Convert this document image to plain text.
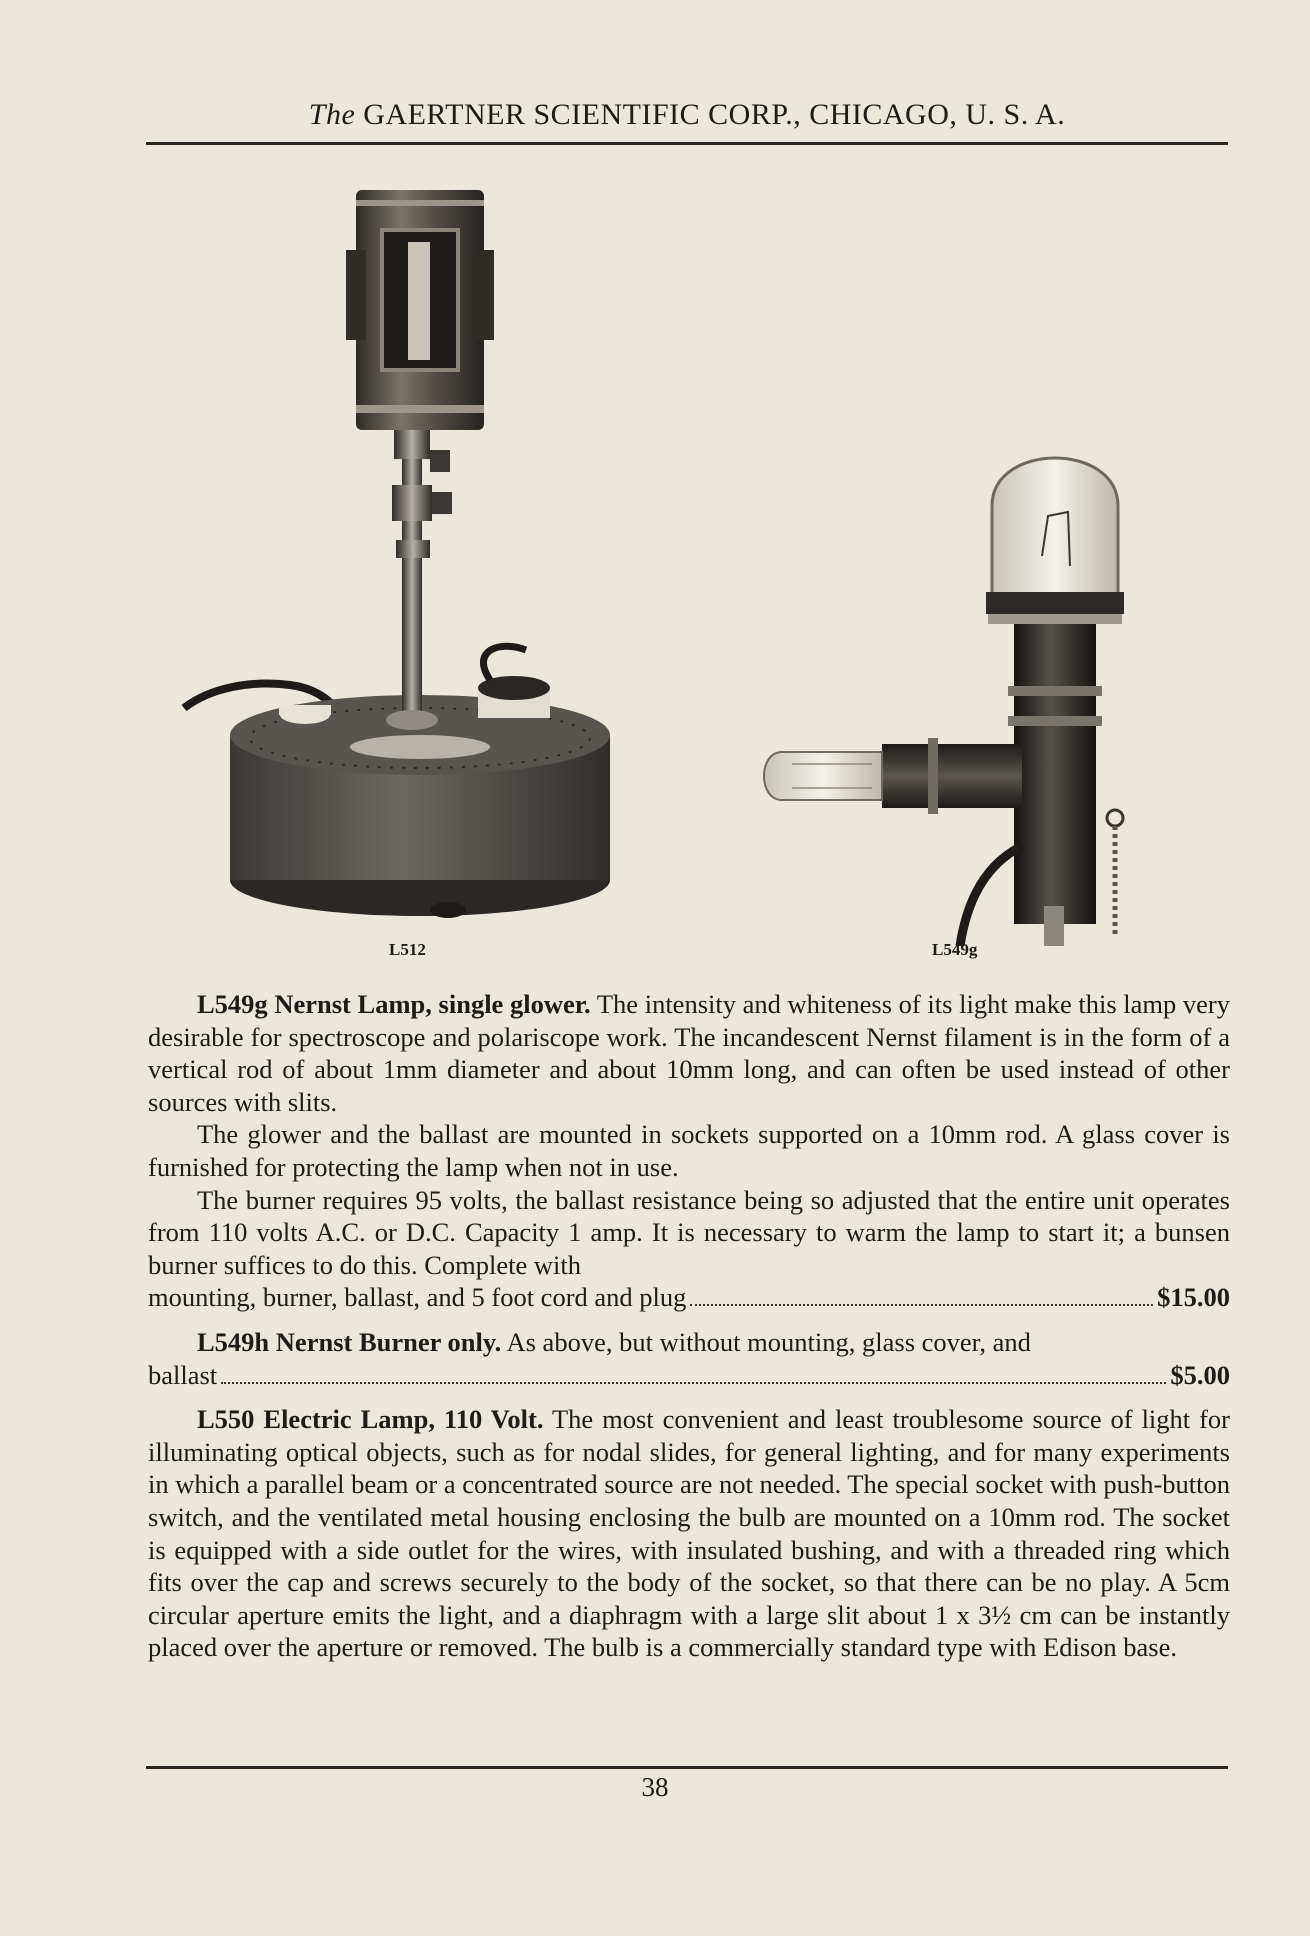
The GAERTNER SCIENTIFIC CORP., CHICAGO, U. S. A.
L512	L549g

L549g Nernst Lamp, single glower. The intensity and whiteness of its light make this lamp very desirable for spectroscope and polariscope work. The incandescent Nernst filament is in the form of a vertical rod of about 1mm diameter and about 10mm long, and can often be used instead of other sources with slits.

The glower and the ballast are mounted in sockets supported on a 10mm rod. A glass cover is furnished for protecting the lamp when not in use.

The burner requires 95 volts, the ballast resistance being so adjusted that the entire unit operates from 110 volts A.C. or D.C. Capacity 1 amp. It is necessary to warm the lamp to start it; a bunsen burner suffices to do this. Complete with

mounting, burner, ballast, and 5 foot cord and plug	$15.00

L549h Nernst Burner only. As above, but without mounting, glass cover, and

ballast	$5.00

L550 Electric Lamp, 110 Volt. The most convenient and least troublesome source of light for illuminating optical objects, such as for nodal slides, for general lighting, and for many experiments in which a parallel beam or a concentrated source are not needed. The special socket with push-button switch, and the ventilated metal housing enclosing the bulb are mounted on a 10mm rod. The socket is equipped with a side outlet for the wires, with insulated bushing, and with a threaded ring which fits over the cap and screws securely to the body of the socket, so that there can be no play. A 5cm circular aperture emits the light, and a diaphragm with a large slit about 1 x 3½ cm can be instantly placed over the aperture or removed. The bulb is a commercially standard type with Edison base.

38
